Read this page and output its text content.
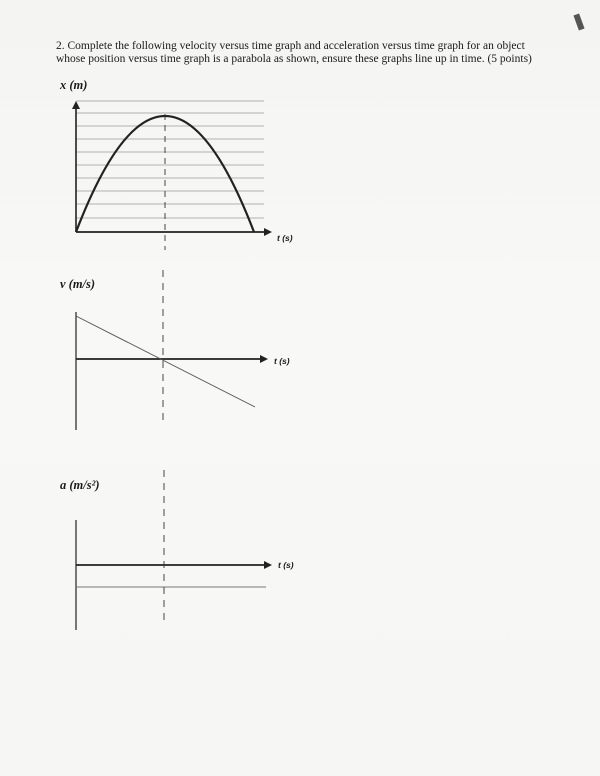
2. Complete the following velocity versus time graph and acceleration versus time graph for an object whose position versus time graph is a parabola as shown, ensure these graphs line up in time. (5 points)
x (m)
t (s)
v (m/s)
t (s)
a (m/s²)
t (s)
